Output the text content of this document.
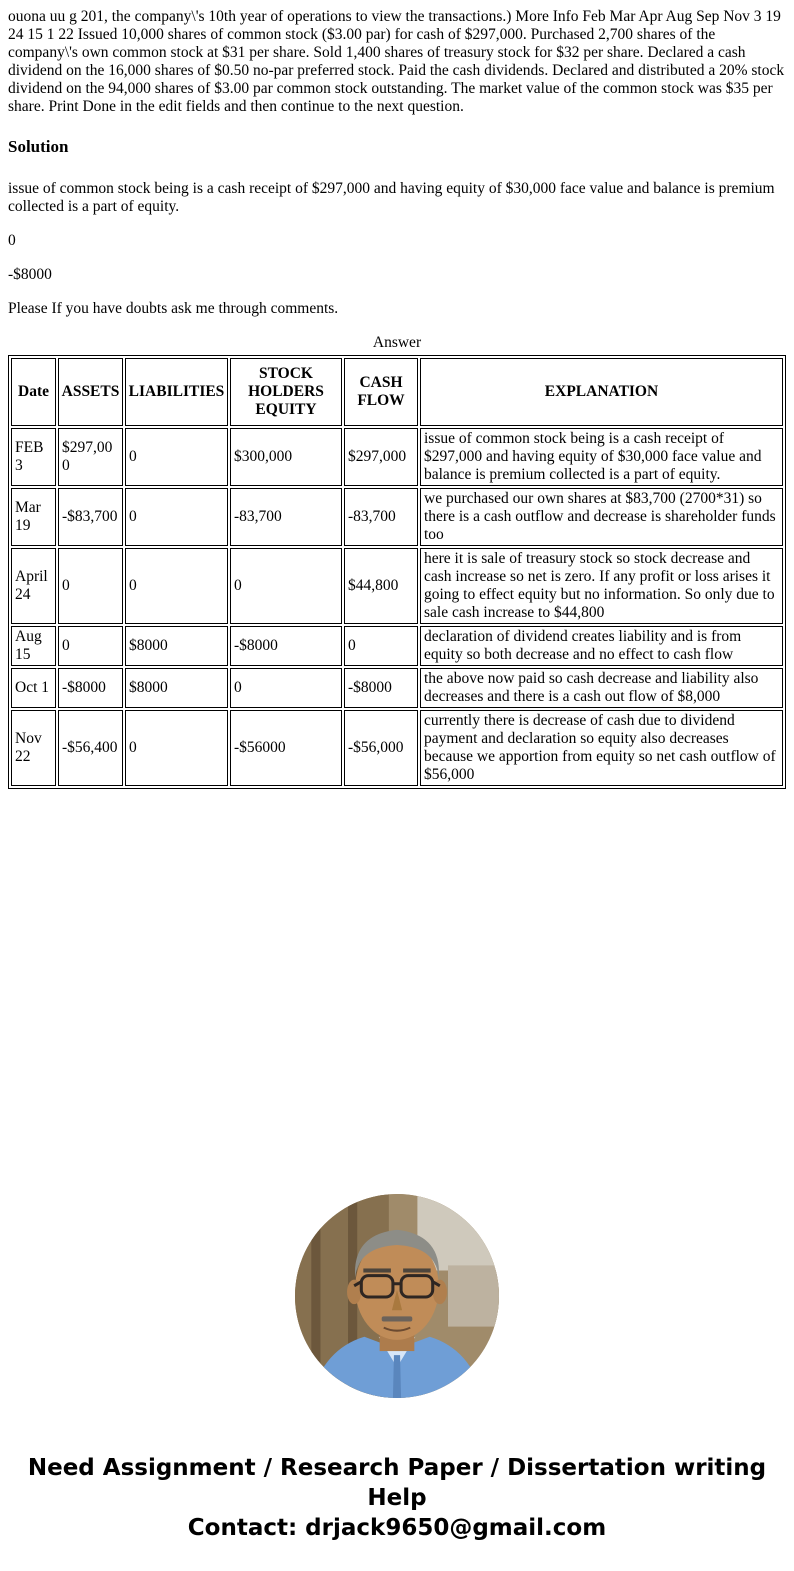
ouona uu g 201, the company\'s 10th year of operations to view the transactions.) More Info Feb Mar Apr Aug Sep Nov 3 19 24 15 1 22 Issued 10,000 shares of common stock ($3.00 par) for cash of $297,000. Purchased 2,700 shares of the company\'s own common stock at $31 per share. Sold 1,400 shares of treasury stock for $32 per share. Declared a cash dividend on the 16,000 shares of $0.50 no-par preferred stock. Paid the cash dividends. Declared and distributed a 20% stock dividend on the 94,000 shares of $3.00 par common stock outstanding. The market value of the common stock was $35 per share. Print Done in the edit fields and then continue to the next question.

Solution

issue of common stock being is a cash receipt of $297,000 and having equity of $30,000 face value and balance is premium collected is a part of equity.

0

-$8000

Please If you have doubts ask me through comments.

Answer

Date	ASSETS	LIABILITIES	STOCK HOLDERS EQUITY	CASH FLOW	EXPLANATION
FEB 3	$297,000	0	$300,000	$297,000	issue of common stock being is a cash receipt of $297,000 and having equity of $30,000 face value and balance is premium collected is a part of equity.
Mar 19	-$83,700	0	-83,700	-83,700	we purchased our own shares at $83,700 (2700*31) so there is a cash outflow and decrease is shareholder funds too
April 24	0	0	0	$44,800	here it is sale of treasury stock so stock decrease and cash increase so net is zero. If any profit or loss arises it going to effect equity but no information. So only due to sale cash increase to $44,800
Aug 15	0	$8000	-$8000	0	declaration of dividend creates liability and is from equity so both decrease and no effect to cash flow
Oct 1	-$8000	$8000	0	-$8000	the above now paid so cash decrease and liability also decreases and there is a cash out flow of $8,000
Nov 22	-$56,400	0	-$56000	-$56,000	currently there is decrease of cash due to dividend payment and declaration so equity also decreases because we apportion from equity so net cash outflow of $56,000
Need Assignment / Research Paper / Dissertation writing Help
Contact: drjack9650@gmail.com
